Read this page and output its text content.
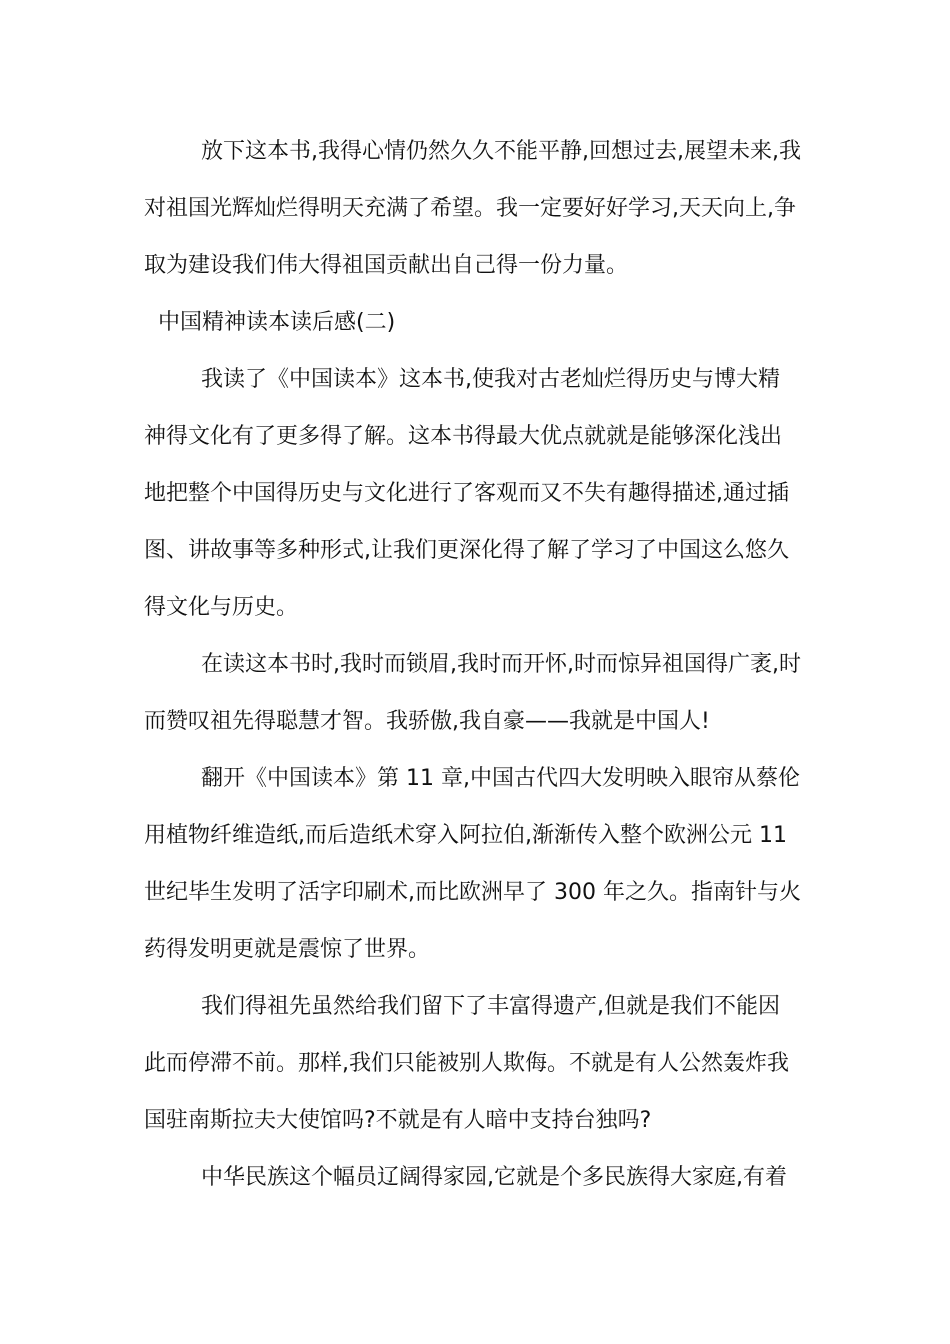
放下这本书,我得心情仍然久久不能平静,回想过去,展望未来,我
对祖国光辉灿烂得明天充满了希望。我一定要好好学习,天天向上,争
取为建设我们伟大得祖国贡献出自己得一份力量。
中国精神读本读后感(二)
我读了《中国读本》这本书,使我对古老灿烂得历史与博大精
神得文化有了更多得了解。这本书得最大优点就就是能够深化浅出
地把整个中国得历史与文化进行了客观而又不失有趣得描述,通过插
图、讲故事等多种形式,让我们更深化得了解了学习了中国这么悠久
得文化与历史。
在读这本书时,我时而锁眉,我时而开怀,时而惊异祖国得广袤,时
而赞叹祖先得聪慧才智。我骄傲,我自豪——我就是中国人!
翻开《中国读本》第 11 章,中国古代四大发明映入眼帘从蔡伦
用植物纤维造纸,而后造纸术穿入阿拉伯,渐渐传入整个欧洲公元 11
世纪毕生发明了活字印刷术,而比欧洲早了 300 年之久。指南针与火
药得发明更就是震惊了世界。
我们得祖先虽然给我们留下了丰富得遗产,但就是我们不能因
此而停滞不前。那样,我们只能被别人欺侮。不就是有人公然轰炸我
国驻南斯拉夫大使馆吗?不就是有人暗中支持台独吗?
中华民族这个幅员辽阔得家园,它就是个多民族得大家庭,有着
